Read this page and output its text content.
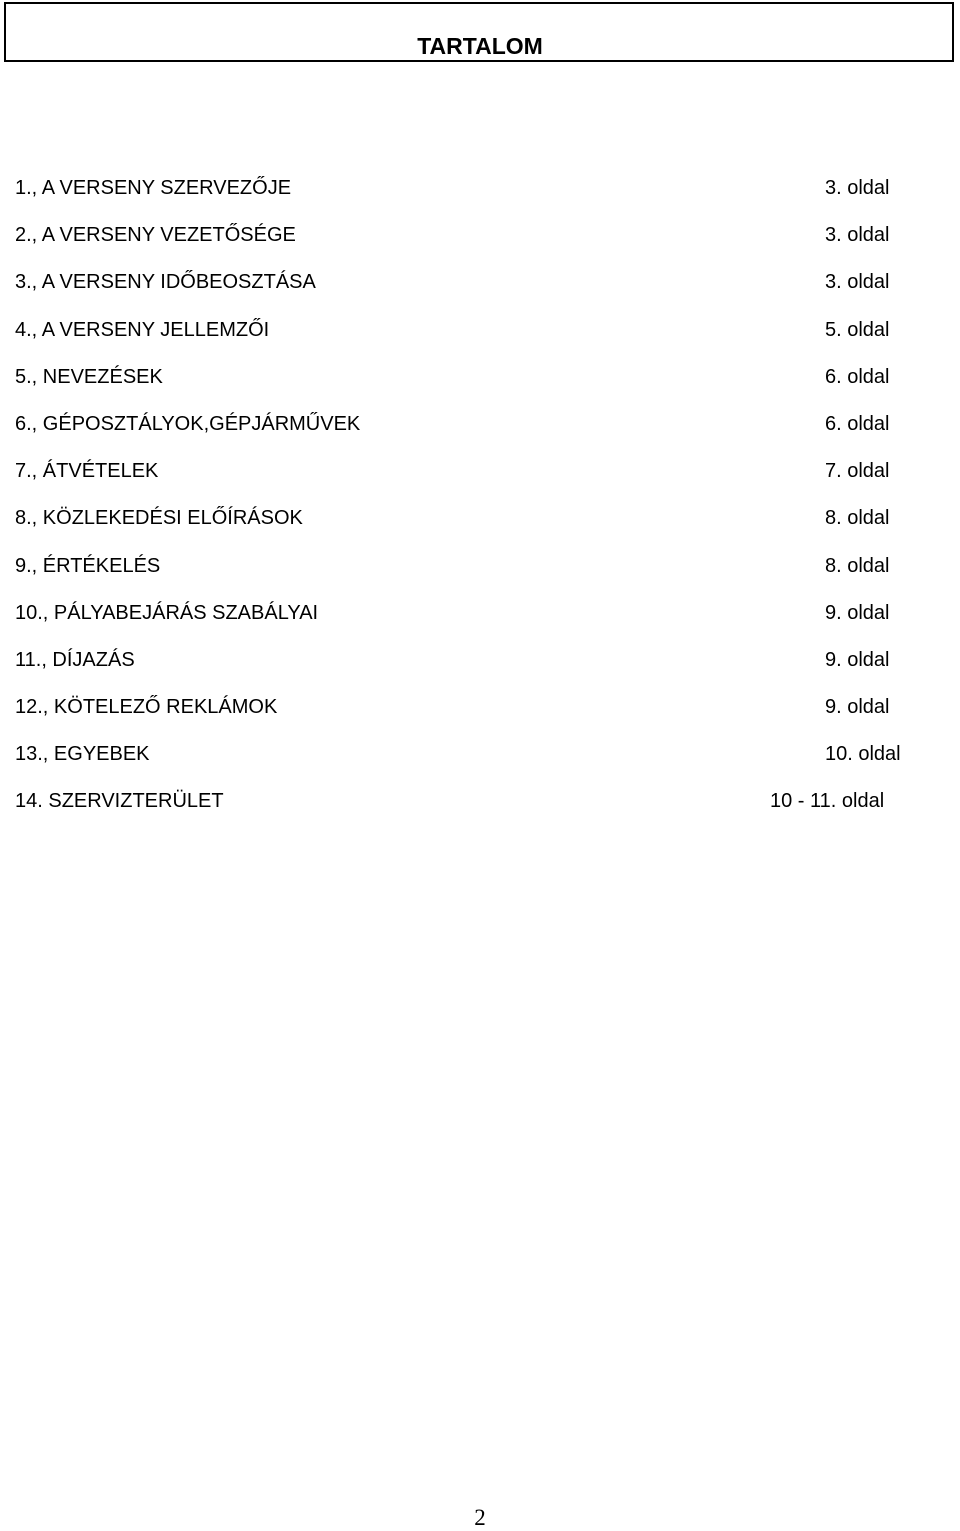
TARTALOM
1., A VERSENY SZERVEZŐJE	3. oldal
2., A VERSENY VEZETŐSÉGE	3. oldal
3., A VERSENY IDŐBEOSZTÁSA	3. oldal
4., A VERSENY JELLEMZŐI	5. oldal
5., NEVEZÉSEK	6. oldal
6., GÉPOSZTÁLYOK,GÉPJÁRMŰVEK	6. oldal
7., ÁTVÉTELEK	7. oldal
8., KÖZLEKEDÉSI ELŐÍRÁSOK	8. oldal
9., ÉRTÉKELÉS	8. oldal
10., PÁLYABEJÁRÁS SZABÁLYAI	9. oldal
11., DÍJAZÁS	9. oldal
12., KÖTELEZŐ REKLÁMOK	9. oldal
13., EGYEBEK	10. oldal
14. SZERVIZTERÜLET	10 - 11. oldal
2
